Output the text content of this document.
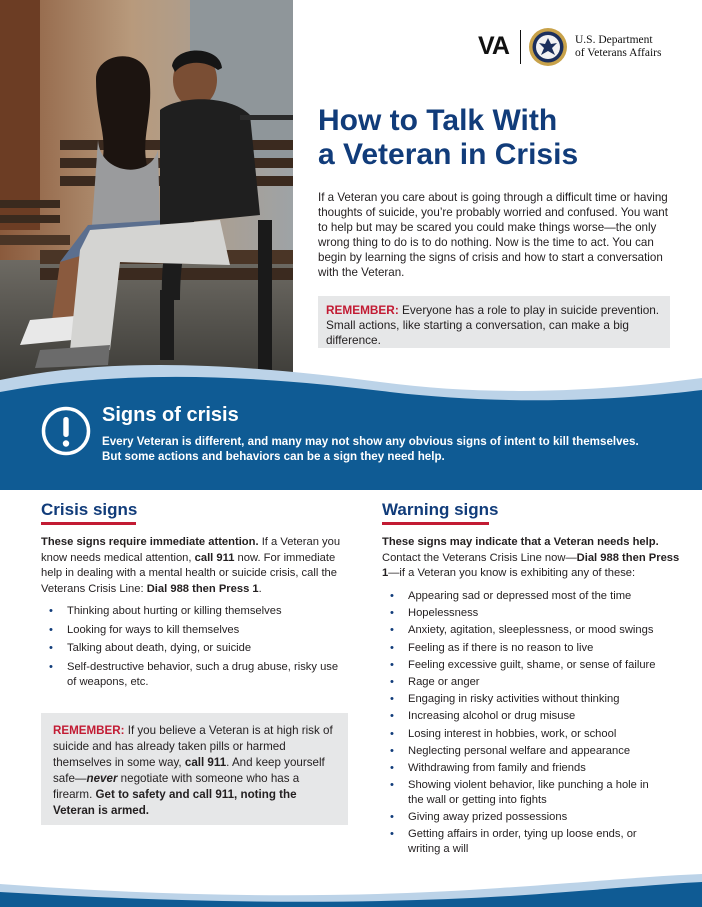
VA	U.S. Department
of Veterans Affairs
How to Talk With
a Veteran in Crisis

If a Veteran you care about is going through a difficult time or having thoughts of suicide, you’re probably worried and confused. You want to help but may be scared you could make things worse—the only wrong thing to do is to do nothing. Now is the time to act. You can begin by learning the signs of crisis and how to start a conversation with the Veteran.

REMEMBER: Everyone has a role to play in suicide prevention. Small actions, like starting a conversation, can make a big difference.
Signs of crisis
Every Veteran is different, and many may not show any obvious signs of intent to kill themselves. But some actions and behaviors can be a sign they need help.
Crisis signs

These signs require immediate attention. If a Veteran you know needs medical attention, call 911 now. For immediate help in dealing with a mental health or suicide crisis, call the Veterans Crisis Line: Dial 988 then Press 1.

• Thinking about hurting or killing themselves
• Looking for ways to kill themselves
• Talking about death, dying, or suicide
• Self-destructive behavior, such a drug abuse, risky use of weapons, etc.
REMEMBER: If you believe a Veteran is at high risk of suicide and has already taken pills or harmed themselves in some way, call 911. And keep yourself safe—never negotiate with someone who has a firearm. Get to safety and call 911, noting the Veteran is armed.
Warning signs

These signs may indicate that a Veteran needs help. Contact the Veterans Crisis Line now—Dial 988 then Press 1—if a Veteran you know is exhibiting any of these:

• Appearing sad or depressed most of the time
• Hopelessness
• Anxiety, agitation, sleeplessness, or mood swings
• Feeling as if there is no reason to live
• Feeling excessive guilt, shame, or sense of failure
• Rage or anger
• Engaging in risky activities without thinking
• Increasing alcohol or drug misuse
• Losing interest in hobbies, work, or school
• Neglecting personal welfare and appearance
• Withdrawing from family and friends
• Showing violent behavior, like punching a hole in the wall or getting into fights
• Giving away prized possessions
• Getting affairs in order, tying up loose ends, or writing a will
